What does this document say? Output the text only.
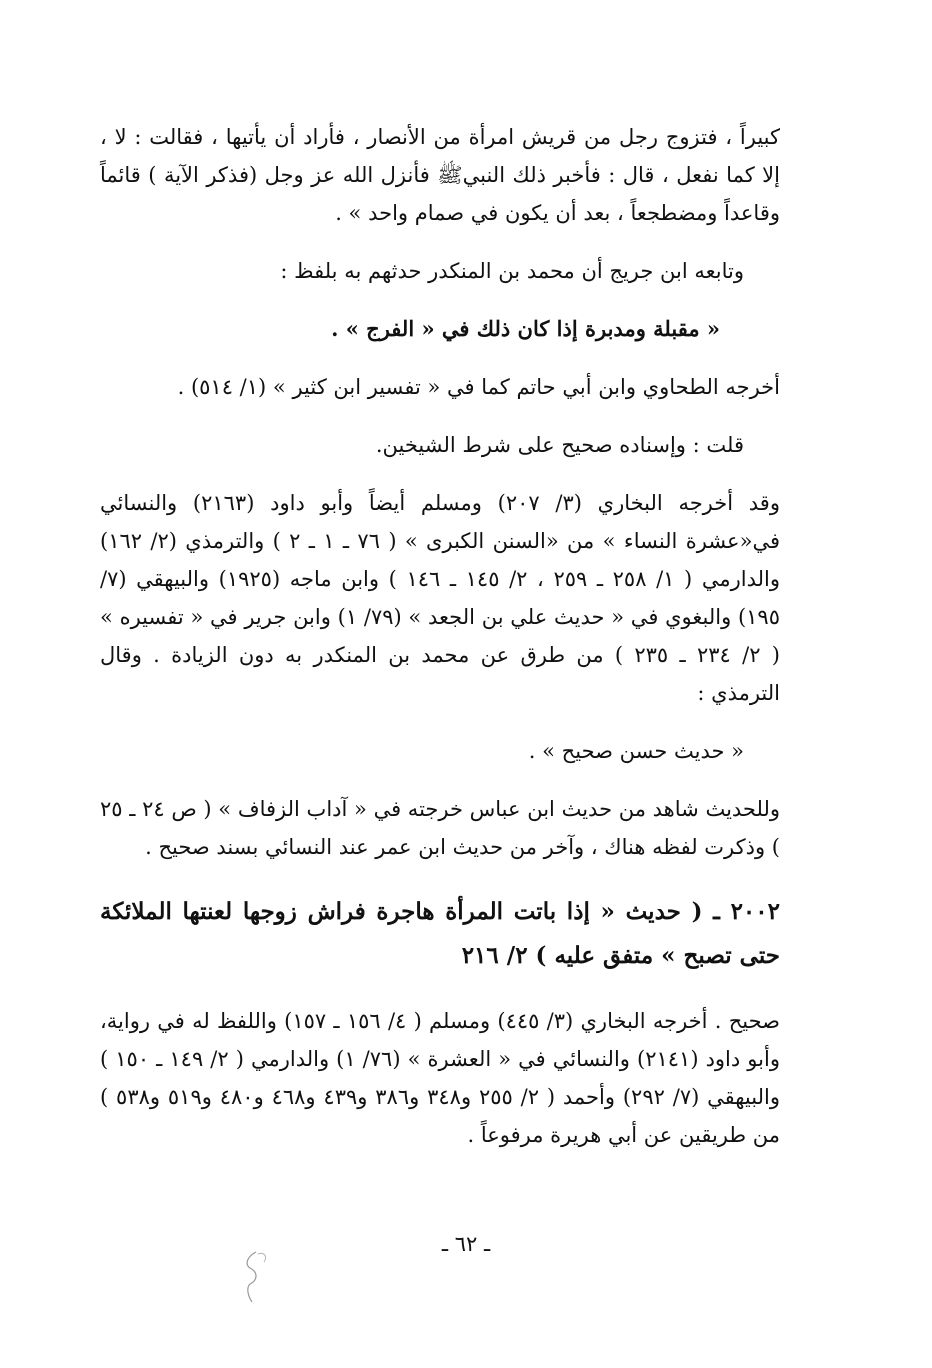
كبيراً ، فتزوج رجل من قريش امرأة من الأنصار ، فأراد أن يأتيها ، فقالت : لا ، إلا كما نفعل ، قال : فأخبر ذلك النبيﷺ فأنزل الله عز وجل (فذكر الآية ) قائماً وقاعداً ومضطجعاً ، بعد أن يكون في صمام واحد » .

وتابعه ابن جريج أن محمد بن المنكدر حدثهم به بلفظ :

« مقبلة ومدبرة إذا كان ذلك في « الفرج » .

أخرجه الطحاوي وابن أبي حاتم كما في « تفسير ابن كثير » (١/ ٥١٤) .

قلت : وإسناده صحيح على شرط الشيخين.

وقد أخرجه البخاري (٣/ ٢٠٧) ومسلم أيضاً وأبو داود (٢١٦٣) والنسائي في«عشرة النساء » من «السنن الكبرى » ( ٧٦ ـ ١ ـ ٢ ) والترمذي (٢/ ١٦٢) والدارمي ( ١/ ٢٥٨ ـ ٢٥٩ ، ٢/ ١٤٥ ـ ١٤٦ ) وابن ماجه (١٩٢٥) والبيهقي (٧/ ١٩٥) والبغوي في « حديث علي بن الجعد » (٧٩/ ١) وابن جرير في « تفسيره » ( ٢/ ٢٣٤ ـ ٢٣٥ ) من طرق عن محمد بن المنكدر به دون الزيادة . وقال الترمذي :

« حديث حسن صحيح » .

وللحديث شاهد من حديث ابن عباس خرجته في « آداب الزفاف » ( ص ٢٤ ـ ٢٥ ) وذكرت لفظه هناك ، وآخر من حديث ابن عمر عند النسائي بسند صحيح .

٢٠٠٢ ـ ( حديث « إذا باتت المرأة هاجرة فراش زوجها لعنتها الملائكة حتى تصبح » متفق عليه ) ٢/ ٢١٦

صحيح . أخرجه البخاري (٣/ ٤٤٥) ومسلم ( ٤/ ١٥٦ ـ ١٥٧) واللفظ له في رواية، وأبو داود (٢١٤١) والنسائي في « العشرة » (٧٦/ ١) والدارمي ( ٢/ ١٤٩ ـ ١٥٠ ) والبيهقي (٧/ ٢٩٢) وأحمد ( ٢/ ٢٥٥ و٣٤٨ و٣٨٦ و٤٣٩ و٤٦٨ و٤٨٠ و٥١٩ و٥٣٨ ) من طريقين عن أبي هريرة مرفوعاً .

ـ ٦٢ ـ
